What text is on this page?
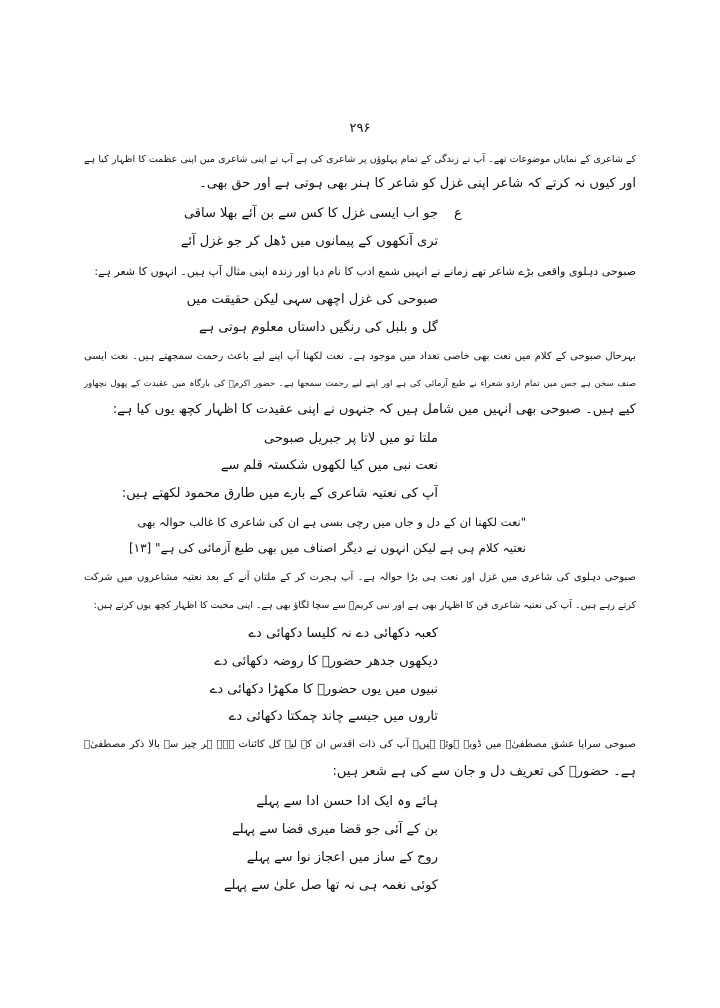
۲۹۶
کے شاعری کے نمایاں موضوعات تھے۔ آپ نے زندگی کے تمام پہلوؤں پر شاعری کی ہے آپ نے اپنی شاعری میں اپنی عظمت کا اظہار کیا ہے
اور کیوں نہ کرتے کہ شاعر اپنی غزل کو شاعر کا ہنر بھی ہوتی ہے اور حق بھی۔
ع
جو اب ایسی غزل کا کس سے بن آئے بھلا ساقی
تری آنکھوں کے پیمانوں میں ڈھل کر جو غزل آئے
صبوحی دہلوی واقعی بڑے شاعر تھے زمانے نے انہیں شمع ادب کا نام دیا اور زندہ اپنی مثال آپ ہیں۔ انہوں کا شعر ہے:
صبوحی کی غزل اچھی سہی لیکن حقیقت میں
گل و بلبل کی رنگیں داستاں معلوم ہوتی ہے
بہرحال صبوحی کے کلام میں نعت بھی خاصی تعداد میں موجود ہے۔ نعت لکھنا آپ اپنے لیے باعث رحمت سمجھتے ہیں۔ نعت ایسی
صنف سخن ہے جس میں تمام اردو شعراء نے طبع آزمائی کی ہے اور اپنے لیے رحمت سمجھا ہے۔ حضور اکرمؐ کی بارگاہ میں عقیدت کے پھول نچھاور
کیے ہیں۔ صبوحی بھی انہیں میں شامل ہیں کہ جنہوں نے اپنی عقیدت کا اظہار کچھ یوں کیا ہے:
ملتا تو میں لاتا پر جبریل صبوحی
نعت نبی میں کیا لکھوں شکستہ قلم سے
آپ کی نعتیہ شاعری کے بارے میں طارق محمود لکھتے ہیں:
"نعت لکھنا ان کے دل و جاں میں رچی بسی ہے ان کی شاعری کا غالب حوالہ بھی
نعتیہ کلام ہی ہے لیکن انہوں نے دیگر اصناف میں بھی طبع آزمائی کی ہے" [۱۳]
صبوحی دہلوی کی شاعری میں غزل اور نعت ہی بڑا حوالہ ہے۔ آپ ہجرت کر کے ملتان آنے کے بعد نعتیہ مشاعروں میں شرکت
کرتے رہے ہیں۔ آپ کی نعتیہ شاعری فن کا اظہار بھی ہے اور نبی کریمؐ سے سچا لگاؤ بھی ہے۔ اپنی محبت کا اظہار کچھ یوں کرتے ہیں:
کعبہ دکھائی دے نہ کلیسا دکھائی دے
دیکھوں جدھر حضورؐ کا روضہ دکھائی دے
نبیوں میں یوں حضورؐ کا مکھڑا دکھائی دے
تاروں میں جیسے چاند چمکتا دکھائی دے
صبوحی سراپا عشق مصطفیٰؐ میں ڈوبے ہوئے ہیں۔ آپ کی ذات اقدس ان کے لیے کل کائنات ہے۔ ہر چیز سے بالا ذکر مصطفیٰؐ
ہے۔ حضورؐ کی تعریف دل و جان سے کی ہے شعر ہیں:
ہائے وہ ایک ادا حسن ادا سے پہلے
بن کے آئی جو قضا میری قضا سے پہلے
روح کے ساز میں اعجاز نوا سے پہلے
کوئی نغمہ ہی نہ تھا صل علیٰ سے پہلے
